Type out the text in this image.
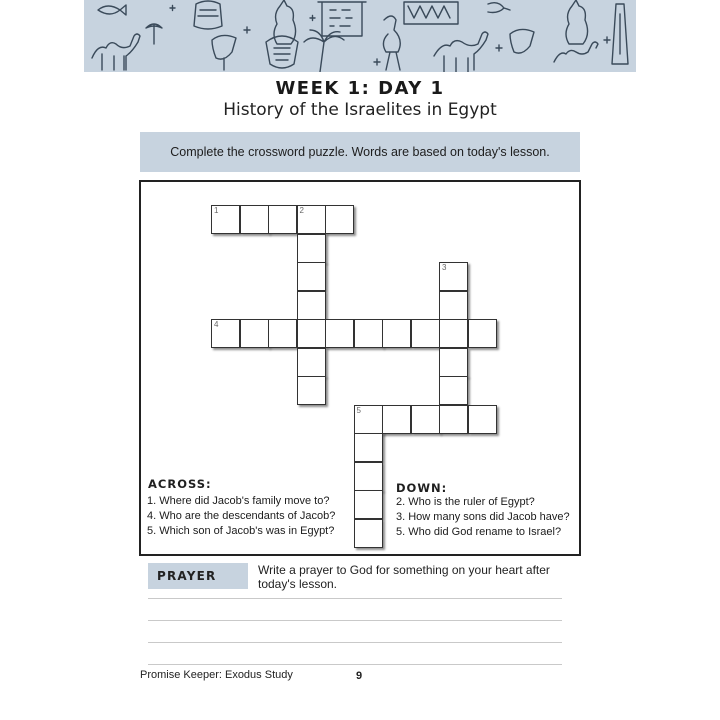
WEEK 1: DAY 1
History of the Israelites in Egypt
Complete the crossword puzzle. Words are based on today's lesson.
1	2
3
4
5
ACROSS:
1. Where did Jacob's family move to?
4. Who are the descendants of Jacob?
5. Which son of Jacob's was in Egypt?
DOWN:
2. Who is the ruler of Egypt?
3. How many sons did Jacob have?
5. Who did God rename to Israel?
PRAYER	Write a prayer to God for something on your heart after today's lesson.
Promise Keeper: Exodus Study	9
